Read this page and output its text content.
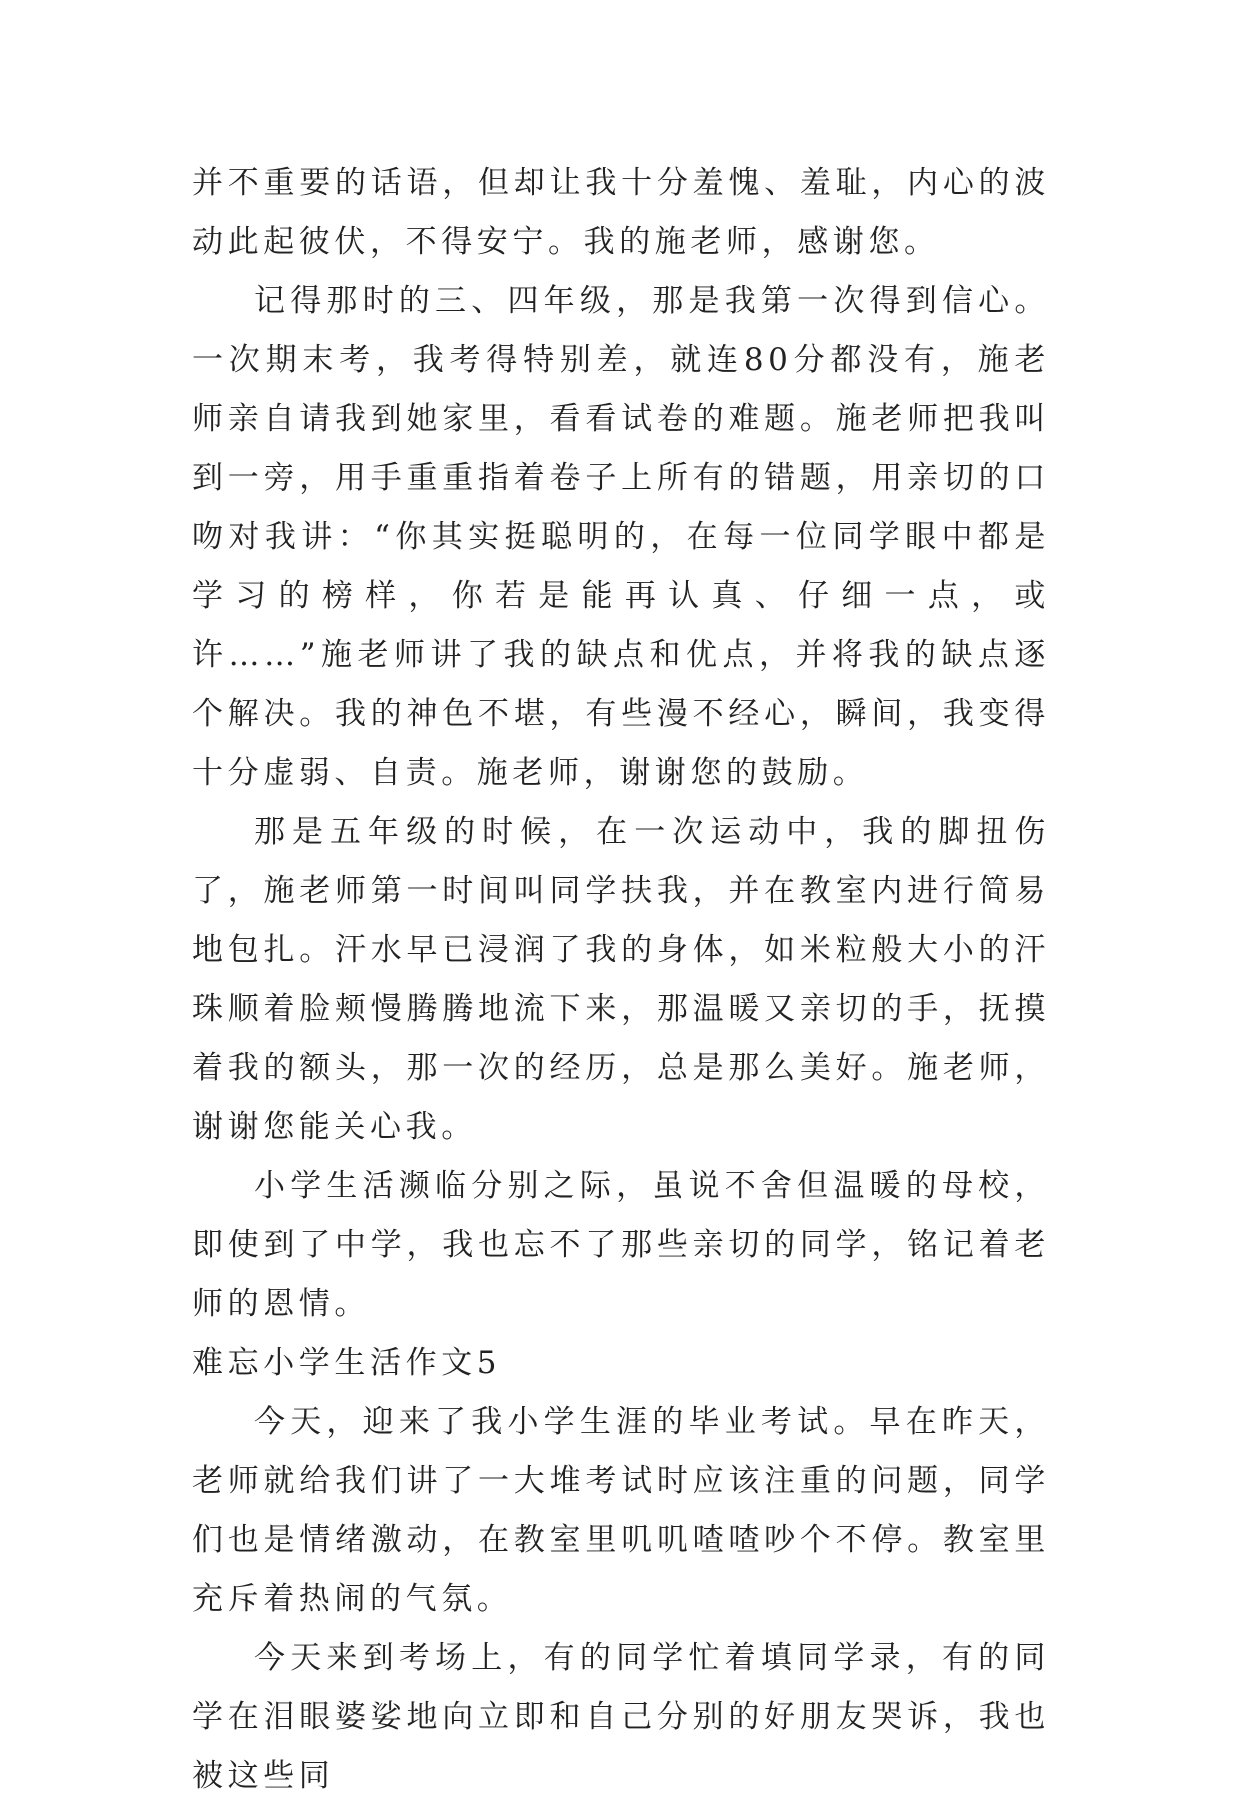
并不重要的话语，但却让我十分羞愧、羞耻，内心的波动此起彼伏，不得安宁。我的施老师，感谢您。

记得那时的三、四年级，那是我第一次得到信心。一次期末考，我考得特别差，就连80分都没有，施老师亲自请我到她家里，看看试卷的难题。施老师把我叫到一旁，用手重重指着卷子上所有的错题，用亲切的口吻对我讲：“你其实挺聪明的，在每一位同学眼中都是学习的榜样，你若是能再认真、仔细一点，或许……”施老师讲了我的缺点和优点，并将我的缺点逐个解决。我的神色不堪，有些漫不经心，瞬间，我变得十分虚弱、自责。施老师，谢谢您的鼓励。

那是五年级的时候，在一次运动中，我的脚扭伤了，施老师第一时间叫同学扶我，并在教室内进行简易地包扎。汗水早已浸润了我的身体，如米粒般大小的汗珠顺着脸颊慢腾腾地流下来，那温暖又亲切的手，抚摸着我的额头，那一次的经历，总是那么美好。施老师，谢谢您能关心我。

小学生活濒临分别之际，虽说不舍但温暖的母校，即使到了中学，我也忘不了那些亲切的同学，铭记着老师的恩情。

难忘小学生活作文5

今天，迎来了我小学生涯的毕业考试。早在昨天，老师就给我们讲了一大堆考试时应该注重的问题，同学们也是情绪激动，在教室里叽叽喳喳吵个不停。教室里充斥着热闹的气氛。

今天来到考场上，有的同学忙着填同学录，有的同学在泪眼婆娑地向立即和自己分别的好朋友哭诉，我也被这些同
